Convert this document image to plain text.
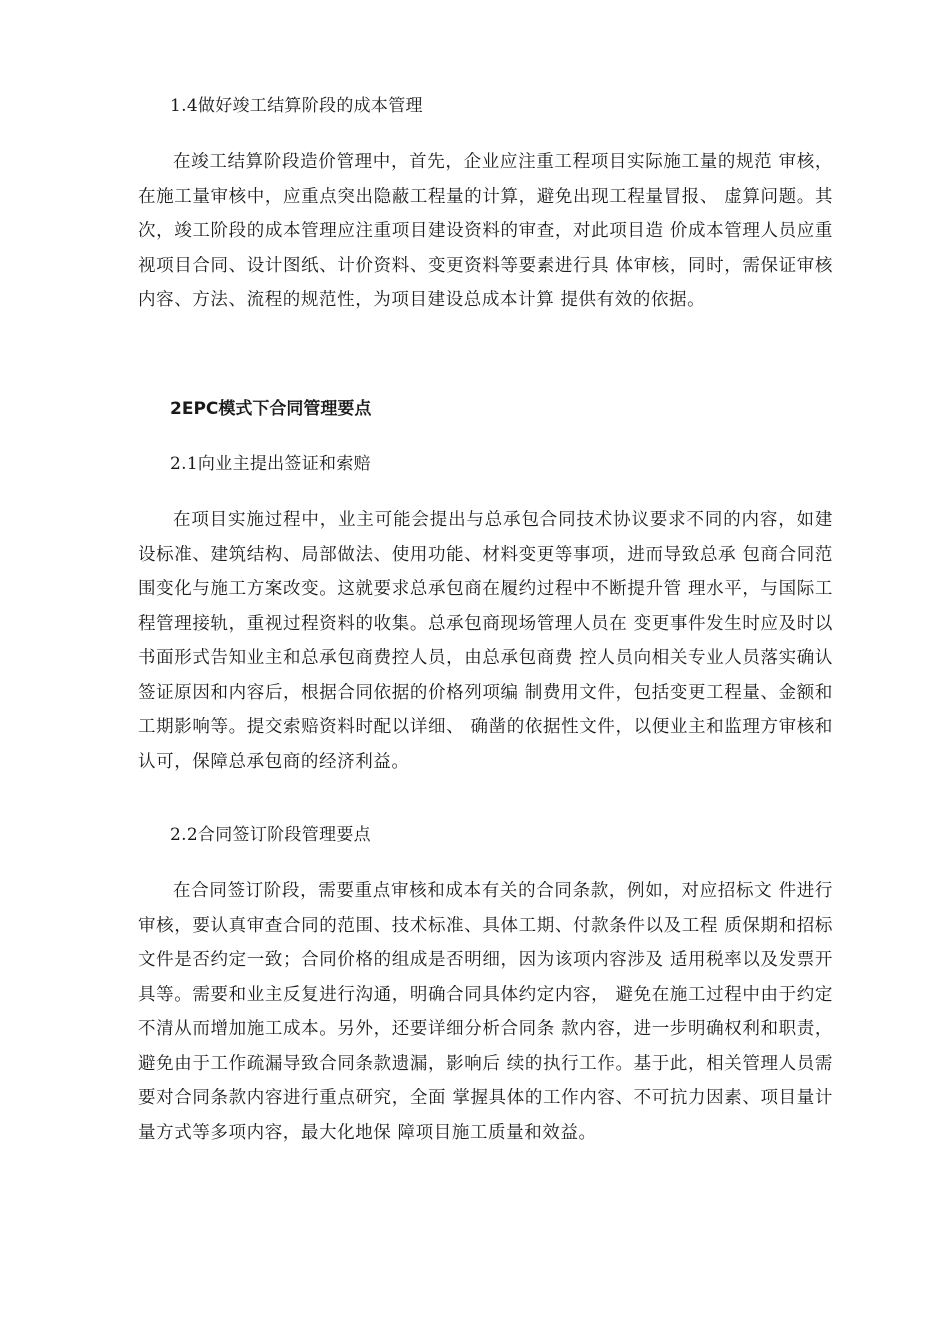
1.4做好竣工结算阶段的成本管理

在竣工结算阶段造价管理中，首先，企业应注重工程项目实际施工量的规范 审核，在施工量审核中，应重点突出隐蔽工程量的计算，避免出现工程量冒报、 虚算问题。其次，竣工阶段的成本管理应注重项目建设资料的审查，对此项目造 价成本管理人员应重视项目合同、设计图纸、计价资料、变更资料等要素进行具 体审核，同时，需保证审核内容、方法、流程的规范性，为项目建设总成本计算 提供有效的依据。

2EPC模式下合同管理要点

2.1向业主提出签证和索赔

在项目实施过程中，业主可能会提出与总承包合同技术协议要求不同的内容，如建设标准、建筑结构、局部做法、使用功能、材料变更等事项，进而导致总承 包商合同范围变化与施工方案改变。这就要求总承包商在履约过程中不断提升管 理水平，与国际工程管理接轨，重视过程资料的收集。总承包商现场管理人员在 变更事件发生时应及时以书面形式告知业主和总承包商费控人员，由总承包商费 控人员向相关专业人员落实确认签证原因和内容后，根据合同依据的价格列项编 制费用文件，包括变更工程量、金额和工期影响等。提交索赔资料时配以详细、 确凿的依据性文件，以便业主和监理方审核和认可，保障总承包商的经济利益。

2.2合同签订阶段管理要点

在合同签订阶段，需要重点审核和成本有关的合同条款，例如，对应招标文 件进行审核，要认真审查合同的范围、技术标准、具体工期、付款条件以及工程 质保期和招标文件是否约定一致；合同价格的组成是否明细，因为该项内容涉及 适用税率以及发票开具等。需要和业主反复进行沟通，明确合同具体约定内容， 避免在施工过程中由于约定不清从而增加施工成本。另外，还要详细分析合同条 款内容，进一步明确权利和职责，避免由于工作疏漏导致合同条款遗漏，影响后 续的执行工作。基于此，相关管理人员需要对合同条款内容进行重点研究，全面 掌握具体的工作内容、不可抗力因素、项目量计量方式等多项内容，最大化地保 障项目施工质量和效益。
